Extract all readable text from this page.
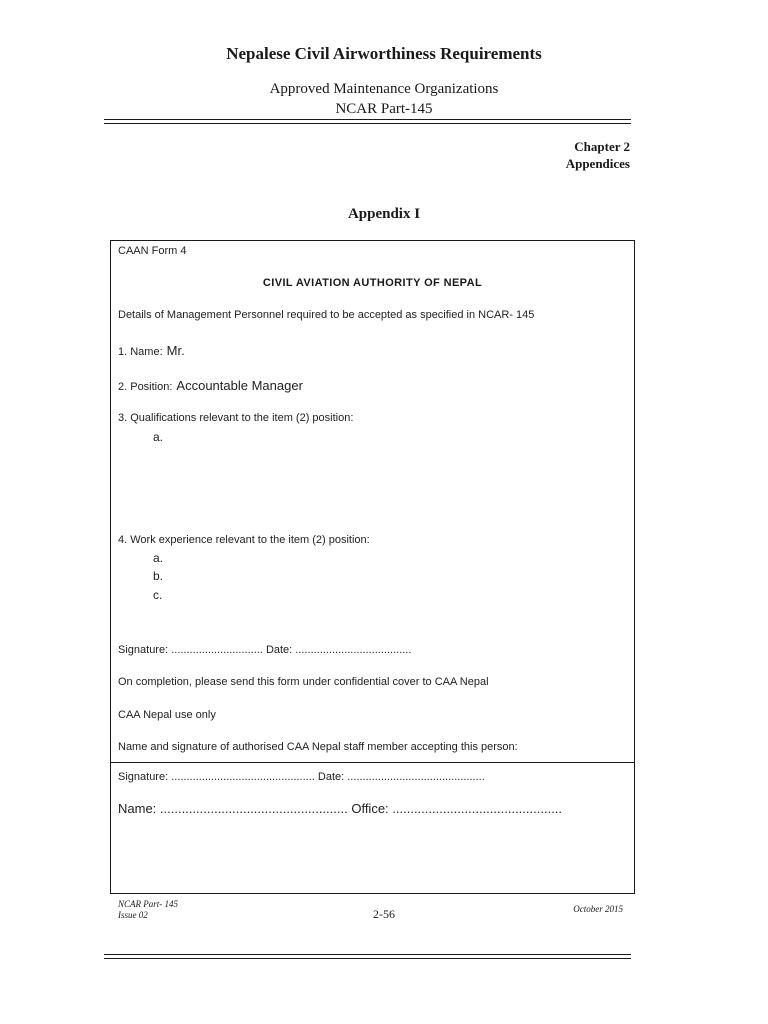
Nepalese Civil Airworthiness Requirements
Approved Maintenance Organizations
NCAR Part-145
Chapter 2
Appendices
Appendix I
CAAN Form 4
CIVIL AVIATION AUTHORITY OF NEPAL
Details of Management Personnel required to be accepted as specified in NCAR- 145
1. Name: Mr.
2. Position: Accountable Manager
3. Qualifications relevant to the item (2) position:
a.
4. Work experience relevant to the item (2) position:
a.
b.
c.
Signature: .............................. Date: ......................................
On completion, please send this form under confidential cover to CAA Nepal
CAA Nepal use only
Name and signature of authorised CAA Nepal staff member accepting this person:
Signature: ............................................... Date: .............................................
Name: .................................................... Office: ...............................................
NCAR Part- 145
Issue 02	2-56	October 2015
